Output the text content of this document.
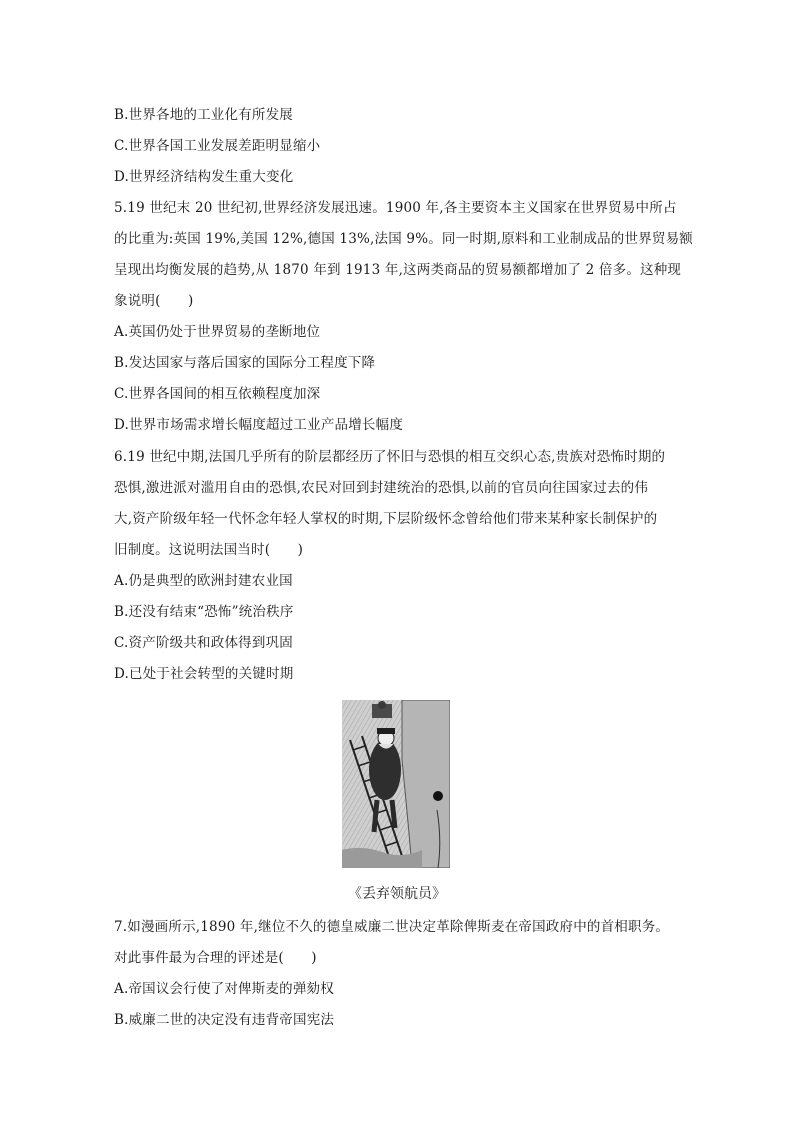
B.世界各地的工业化有所发展
C.世界各国工业发展差距明显缩小
D.世界经济结构发生重大变化
5.19 世纪末 20 世纪初,世界经济发展迅速。1900 年,各主要资本主义国家在世界贸易中所占
的比重为:英国 19%,美国 12%,德国 13%,法国 9%。同一时期,原料和工业制成品的世界贸易额
呈现出均衡发展的趋势,从 1870 年到 1913 年,这两类商品的贸易额都增加了 2 倍多。这种现
象说明(　　)
A.英国仍处于世界贸易的垄断地位
B.发达国家与落后国家的国际分工程度下降
C.世界各国间的相互依赖程度加深
D.世界市场需求增长幅度超过工业产品增长幅度
6.19 世纪中期,法国几乎所有的阶层都经历了怀旧与恐惧的相互交织心态,贵族对恐怖时期的
恐惧,激进派对滥用自由的恐惧,农民对回到封建统治的恐惧,以前的官员向往国家过去的伟
大,资产阶级年轻一代怀念年轻人掌权的时期,下层阶级怀念曾给他们带来某种家长制保护的
旧制度。这说明法国当时(　　)
A.仍是典型的欧洲封建农业国
B.还没有结束“恐怖”统治秩序
C.资产阶级共和政体得到巩固
D.已处于社会转型的关键时期
《丢弃领航员》
7.如漫画所示,1890 年,继位不久的德皇威廉二世决定革除俾斯麦在帝国政府中的首相职务。
对此事件最为合理的评述是(　　)
A.帝国议会行使了对俾斯麦的弹劾权
B.威廉二世的决定没有违背帝国宪法
